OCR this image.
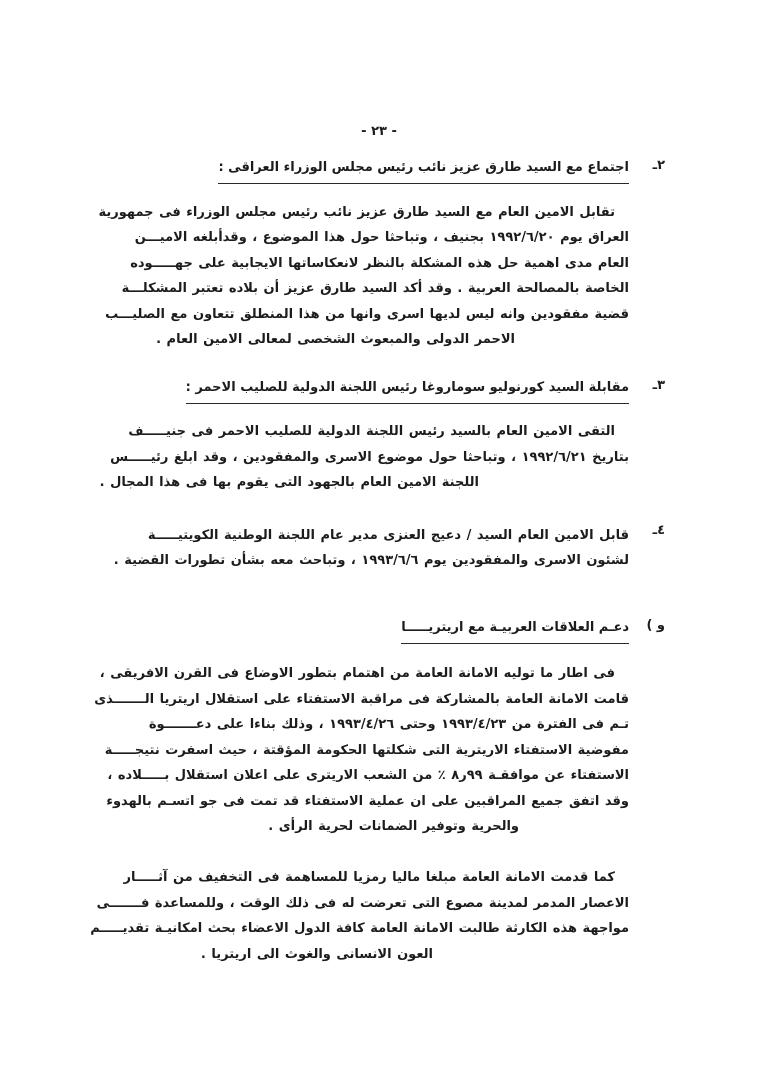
- ٢٣ -
٢ـ
اجتماع مع السيد طارق عزيز نائب رئيس مجلس الوزراء العراقى :
تقابل الامين العام مع السيد طارق عزيز نائب رئيس مجلس الوزراء فى جمهورية
العراق يوم ١٩٩٢/٦/٢٠ بجنيف ، وتباحثا حول هذا الموضوع ، وقدأبلغه الاميـــن
العام مدى اهمية حل هذه المشكلة بالنظر لانعكاساتها الايجابية على جهـــــوده
الخاصة بالمصالحة العربية . وقد أكد السيد طارق عزيز أن بلاده تعتبر المشكلـــة
قضية مفقودين وانه ليس لديها اسرى وانها من هذا المنطلق تتعاون مع الصليـــب
الاحمر الدولى والمبعوث الشخصى لمعالى الامين العام .
٣ـ
مقابلة السيد كورنوليو سوماروغا رئيس اللجنة الدولية للصليب الاحمر :
التقى الامين العام بالسيد رئيس اللجنة الدولية للصليب الاحمر فى جنيـــــف
بتاريخ ١٩٩٢/٦/٢١ ، وتباحثا حول موضوع الاسرى والمفقودين ، وقد ابلغ رئيـــــس
اللجنة الامين العام بالجهود التى يقوم بها فى هذا المجال .
٤ـ
قابل الامين العام السيد / دعيج العنزى مدير عام اللجنة الوطنية الكويتيـــــة
لشئون الاسرى والمفقودين يوم ١٩٩٣/٦/٦ ، وتباحث معه بشأن تطورات القضية .
و )
دعـم العلاقات العربيـة مع اريتريـــــا
فى اطار ما توليه الامانة العامة من اهتمام بتطور الاوضاع فى القرن الافريقى ،
قامت الامانة العامة بالمشاركة فى مراقبة الاستفتاء على استقلال اريتريا الـــــــذى
تـم فى الفترة من ١٩٩٣/٤/٢٣ وحتى ١٩٩٣/٤/٢٦ ، وذلك بناءا على دعـــــــوة
مفوضية الاستفتاء الاريترية التى شكلتها الحكومة المؤقتة ، حيث اسفرت نتيجـــــة
الاستفتاء عن موافقـة ٩٩ر٨ ٪ من الشعب الاريترى على اعلان استقلال بـــــلاده ،
وقد اتفق جميع المراقبين على ان عملية الاستفتاء قد تمت فى جو اتسـم بالهدوء
والحرية وتوفير الضمانات لحرية الرأى .
كما قدمت الامانة العامة مبلغا ماليا رمزيا للمساهمة فى التخفيف من آثـــــار
الاعصار المدمر لمدينة مصوع التى تعرضت له فى ذلك الوقت ، وللمساعدة فـــــــى
مواجهة هذه الكارثة طالبت الامانة العامة كافة الدول الاعضاء بحث امكانيـة تقديـــــم
العون الانسانى والغوث الى اريتريا .
